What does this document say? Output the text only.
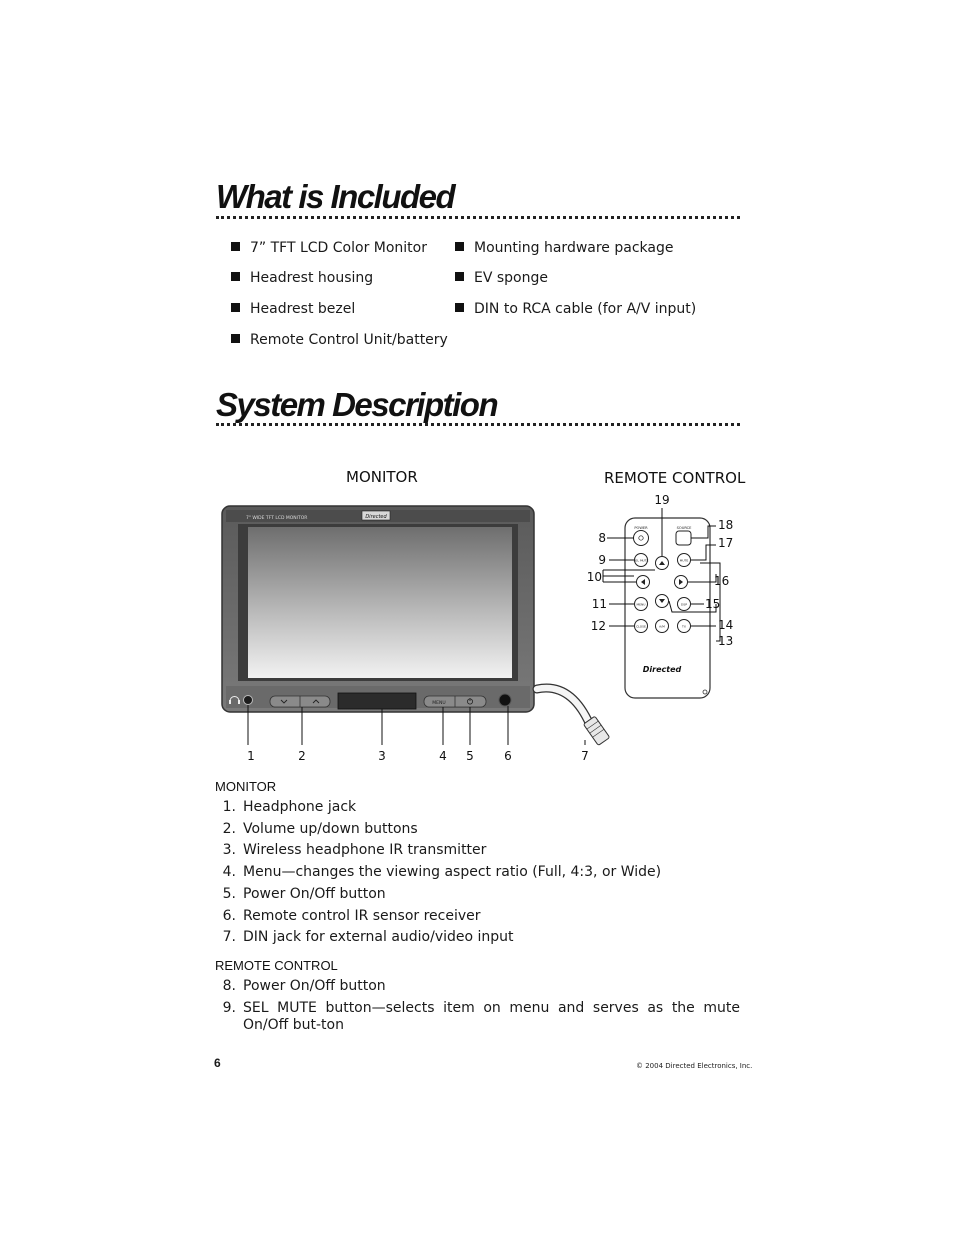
What is Included
7” TFT LCD Color Monitor
Headrest housing
Headrest bezel
Remote Control Unit/battery
Mounting hardware package
EV sponge
DIN to RCA cable (for A/V input)
System Description
MONITOR	REMOTE CONTROL
7" WIDE TFT LCD MONITOR	Directed
MENU
1	2	3	4 5	6	7
POWER	SOURCE
SEL MUTE	MUTE
MENU	DSP
CLOSE	A/M	TX
Directed
19
8
9
10
11
12
18
17
16
15
14
13
MONITOR
1. Headphone jack
2. Volume up/down buttons
3. Wireless headphone IR transmitter
4. Menu—changes the viewing aspect ratio (Full, 4:3, or Wide)
5. Power On/Off button
6. Remote control IR sensor receiver
7. DIN jack for external audio/video input
REMOTE CONTROL
8. Power On/Off button
9. SEL MUTE button—selects item on menu and serves as the mute On/Off but-ton
6	© 2004 Directed Electronics, Inc.
